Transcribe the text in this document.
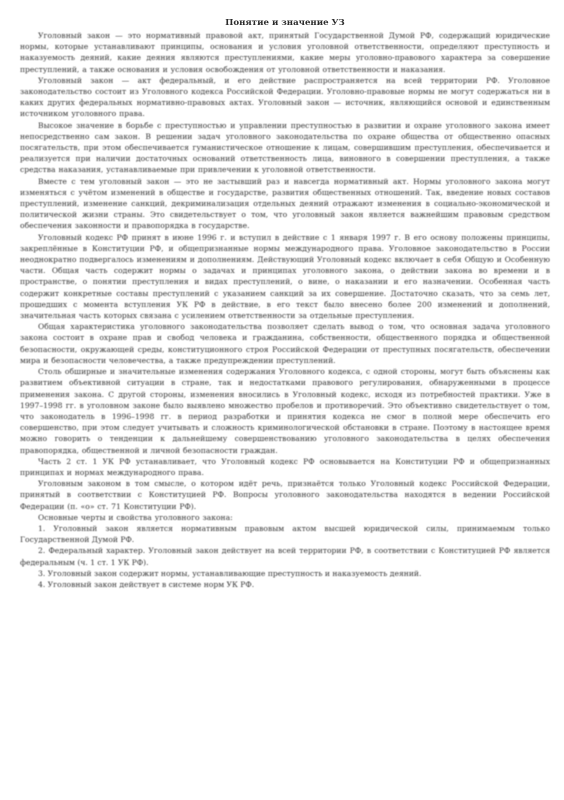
Понятие и значение УЗ

Уголовный закон — это нормативный правовой акт, принятый Государственной Думой РФ, содержащий юридические нормы, которые устанавливают принципы, основания и условия уголовной ответственности, определяют преступность и наказуемость деяний, какие деяния являются преступлениями, какие меры уголовно-правового характера за совершение преступлений, а также основания и условия освобождения от уголовной ответственности и наказания.

Уголовный закон — акт федеральный, и его действие распространяется на всей территории РФ. Уголовное законодательство состоит из Уголовного кодекса Российской Федерации. Уголовно-правовые нормы не могут содержаться ни в каких других федеральных нормативно-правовых актах. Уголовный закон — источник, являющийся основой и единственным источником уголовного права.

Высокое значение в борьбе с преступностью и управлении преступностью в развитии и охране уголовного закона имеет непосредственно сам закон. В решении задач уголовного законодательства по охране общества от общественно опасных посягательств, при этом обеспечивается гуманистическое отношение к лицам, совершившим преступления, обеспечивается и реализуется при наличии достаточных оснований ответственность лица, виновного в совершении преступления, а также средства наказания, устанавливаемые при привлечении к уголовной ответственности.

Вместе с тем уголовный закон — это не застывший раз и навсегда нормативный акт. Нормы уголовного закона могут изменяться с учётом изменений в обществе и государстве, развития общественных отношений. Так, введение новых составов преступлений, изменение санкций, декриминализация отдельных деяний отражают изменения в социально-экономической и политической жизни страны. Это свидетельствует о том, что уголовный закон является важнейшим правовым средством обеспечения законности и правопорядка в государстве.

Уголовный кодекс РФ принят в июне 1996 г. и вступил в действие с 1 января 1997 г. В его основу положены принципы, закреплённые в Конституции РФ, и общепризнанные нормы международного права. Уголовное законодательство в России неоднократно подвергалось изменениям и дополнениям. Действующий Уголовный кодекс включает в себя Общую и Особенную части. Общая часть содержит нормы о задачах и принципах уголовного закона, о действии закона во времени и в пространстве, о понятии преступления и видах преступлений, о вине, о наказании и его назначении. Особенная часть содержит конкретные составы преступлений с указанием санкций за их совершение. Достаточно сказать, что за семь лет, прошедших с момента вступления УК РФ в действие, в его текст было внесено более 200 изменений и дополнений, значительная часть которых связана с усилением ответственности за отдельные преступления.

Общая характеристика уголовного законодательства позволяет сделать вывод о том, что основная задача уголовного закона состоит в охране прав и свобод человека и гражданина, собственности, общественного порядка и общественной безопасности, окружающей среды, конституционного строя Российской Федерации от преступных посягательств, обеспечении мира и безопасности человечества, а также предупреждении преступлений.

Столь обширные и значительные изменения содержания Уголовного кодекса, с одной стороны, могут быть объяснены как развитием объективной ситуации в стране, так и недостатками правового регулирования, обнаруженными в процессе применения закона. С другой стороны, изменения вносились в Уголовный кодекс, исходя из потребностей практики. Уже в 1997–1998 гг. в уголовном законе было выявлено множество пробелов и противоречий. Это объективно свидетельствует о том, что законодатель в 1996–1998 гг. в период разработки и принятия кодекса не смог в полной мере обеспечить его совершенство, при этом следует учитывать и сложность криминологической обстановки в стране. Поэтому в настоящее время можно говорить о тенденции к дальнейшему совершенствованию уголовного законодательства в целях обеспечения правопорядка, общественной и личной безопасности граждан.

Часть 2 ст. 1 УК РФ устанавливает, что Уголовный кодекс РФ основывается на Конституции РФ и общепризнанных принципах и нормах международного права.

Уголовным законом в том смысле, о котором идёт речь, признаётся только Уголовный кодекс Российской Федерации, принятый в соответствии с Конституцией РФ. Вопросы уголовного законодательства находятся в ведении Российской Федерации (п. «о» ст. 71 Конституции РФ).

Основные черты и свойства уголовного закона:

1. Уголовный закон является нормативным правовым актом высшей юридической силы, принимаемым только Государственной Думой РФ.

2. Федеральный характер. Уголовный закон действует на всей территории РФ, в соответствии с Конституцией РФ является федеральным (ч. 1 ст. 1 УК РФ).

3. Уголовный закон содержит нормы, устанавливающие преступность и наказуемость деяний.

4. Уголовный закон действует в системе норм УК РФ.
